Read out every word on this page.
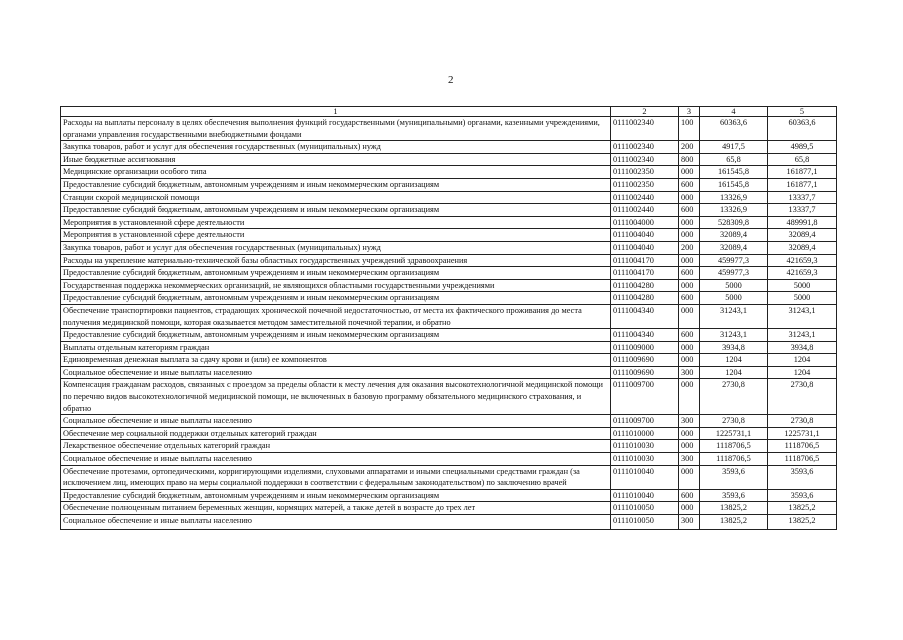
2
1	2	3	4	5
Расходы на выплаты персоналу в целях обеспечения выполнения функций государственными (муниципальными) органами, казенными учреждениями, органами управления государственными внебюджетными фондами	0111002340	100	60363,6	60363,6
Закупка товаров, работ и услуг для обеспечения государственных (муниципальных) нужд	0111002340	200	4917,5	4989,5
Иные бюджетные ассигнования	0111002340	800	65,8	65,8
Медицинские организации особого типа	0111002350	000	161545,8	161877,1
Предоставление субсидий бюджетным, автономным учреждениям и иным некоммерческим организациям	0111002350	600	161545,8	161877,1
Станции скорой медицинской помощи	0111002440	000	13326,9	13337,7
Предоставление субсидий бюджетным, автономным учреждениям и иным некоммерческим организациям	0111002440	600	13326,9	13337,7
Мероприятия в установленной сфере деятельности	0111004000	000	528309,8	489991,8
Мероприятия в установленной сфере деятельности	0111004040	000	32089,4	32089,4
Закупка товаров, работ и услуг для обеспечения государственных (муниципальных) нужд	0111004040	200	32089,4	32089,4
Расходы на укрепление материально-технической базы областных государственных учреждений здравоохранения	0111004170	000	459977,3	421659,3
Предоставление субсидий бюджетным, автономным учреждениям и иным некоммерческим организациям	0111004170	600	459977,3	421659,3
Государственная поддержка некоммерческих организаций, не являющихся областными государственными учреждениями	0111004280	000	5000	5000
Предоставление субсидий бюджетным, автономным учреждениям и иным некоммерческим организациям	0111004280	600	5000	5000
Обеспечение транспортировки пациентов, страдающих хронической почечной недостаточностью, от места их фактического проживания до места получения медицинской помощи, которая оказывается методом заместительной почечной терапии, и обратно	0111004340	000	31243,1	31243,1
Предоставление субсидий бюджетным, автономным учреждениям и иным некоммерческим организациям	0111004340	600	31243,1	31243,1
Выплаты отдельным категориям граждан	0111009000	000	3934,8	3934,8
Единовременная денежная выплата за сдачу крови и (или) ее компонентов	0111009690	000	1204	1204
Социальное обеспечение и иные выплаты населению	0111009690	300	1204	1204
Компенсация гражданам расходов, связанных с проездом за пределы области к месту лечения для оказания высокотехнологичной медицинской помощи по перечню видов высокотехнологичной медицинской помощи, не включенных в базовую программу обязательного медицинского страхования, и обратно	0111009700	000	2730,8	2730,8
Социальное обеспечение и иные выплаты населению	0111009700	300	2730,8	2730,8
Обеспечение мер социальной поддержки отдельных категорий граждан	0111010000	000	1225731,1	1225731,1
Лекарственное обеспечение отдельных категорий граждан	0111010030	000	1118706,5	1118706,5
Социальное обеспечение и иные выплаты населению	0111010030	300	1118706,5	1118706,5
Обеспечение протезами, ортопедическими, корригирующими изделиями, слуховыми аппаратами и иными специальными средствами граждан (за исключением лиц, имеющих право на меры социальной поддержки в соответствии с федеральным законодательством) по заключению врачей	0111010040	000	3593,6	3593,6
Предоставление субсидий бюджетным, автономным учреждениям и иным некоммерческим организациям	0111010040	600	3593,6	3593,6
Обеспечение полноценным питанием беременных женщин, кормящих матерей, а также детей в возрасте до трех лет	0111010050	000	13825,2	13825,2
Социальное обеспечение и иные выплаты населению	0111010050	300	13825,2	13825,2
